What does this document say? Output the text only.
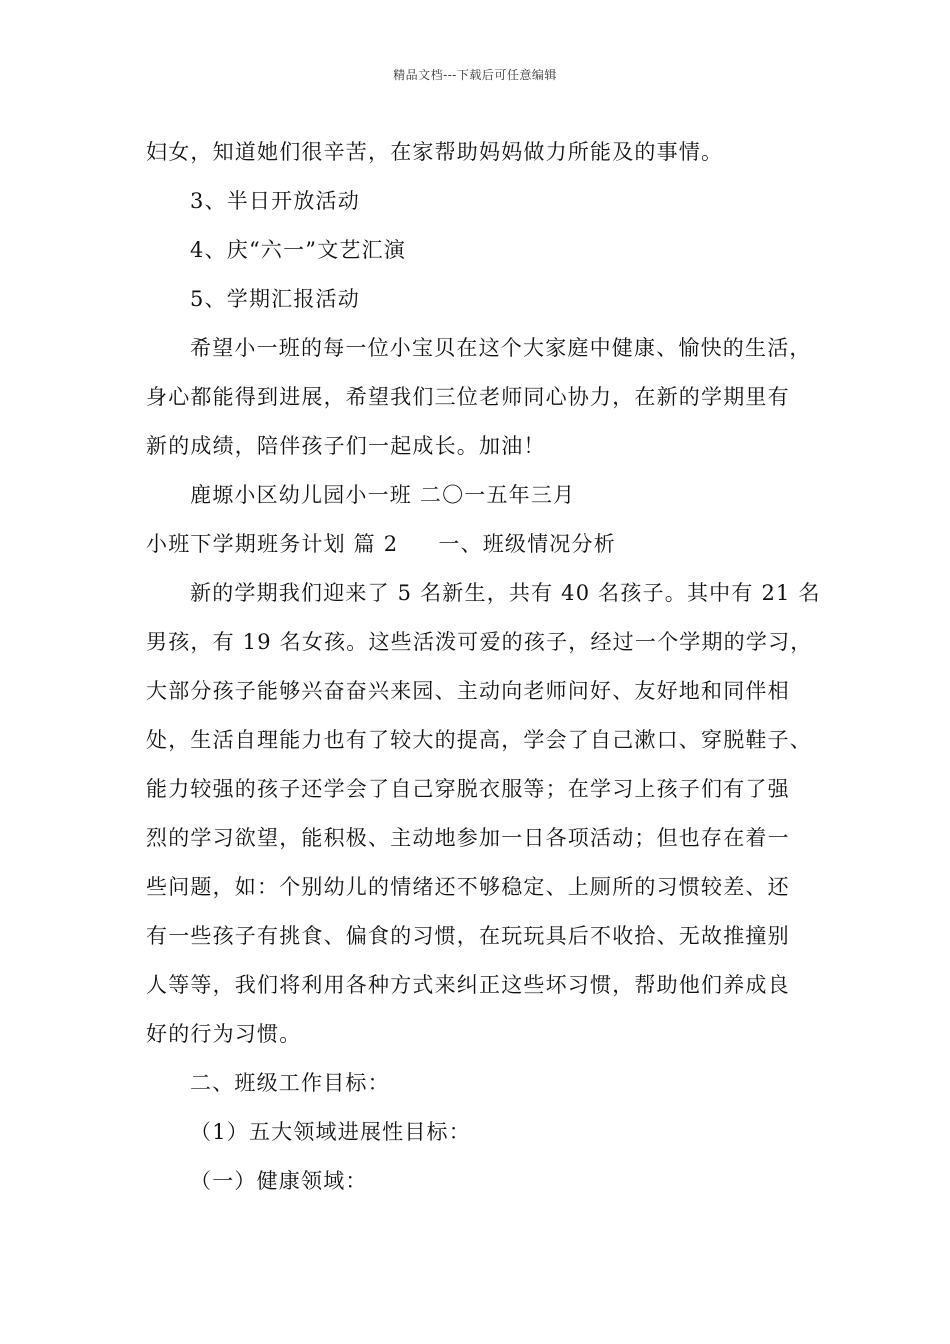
精品文档---下载后可任意编辑
妇女，知道她们很辛苦，在家帮助妈妈做力所能及的事情。
3、半日开放活动
4、庆“六一”文艺汇演
5、学期汇报活动
希望小一班的每一位小宝贝在这个大家庭中健康、愉快的生活，
身心都能得到进展，希望我们三位老师同心协力，在新的学期里有
新的成绩，陪伴孩子们一起成长。加油！
鹿塬小区幼儿园小一班 二〇一五年三月
小班下学期班务计划 篇 2 一、班级情况分析
新的学期我们迎来了 5 名新生，共有 40 名孩子。其中有 21 名
男孩，有 19 名女孩。这些活泼可爱的孩子，经过一个学期的学习，
大部分孩子能够兴奋奋兴来园、主动向老师问好、友好地和同伴相
处，生活自理能力也有了较大的提高，学会了自己漱口、穿脱鞋子、
能力较强的孩子还学会了自己穿脱衣服等；在学习上孩子们有了强
烈的学习欲望，能积极、主动地参加一日各项活动；但也存在着一
些问题，如：个别幼儿的情绪还不够稳定、上厕所的习惯较差、还
有一些孩子有挑食、偏食的习惯，在玩玩具后不收拾、无故推撞别
人等等，我们将利用各种方式来纠正这些坏习惯，帮助他们养成良
好的行为习惯。
二、班级工作目标：
（1）五大领域进展性目标：
（一）健康领域：
